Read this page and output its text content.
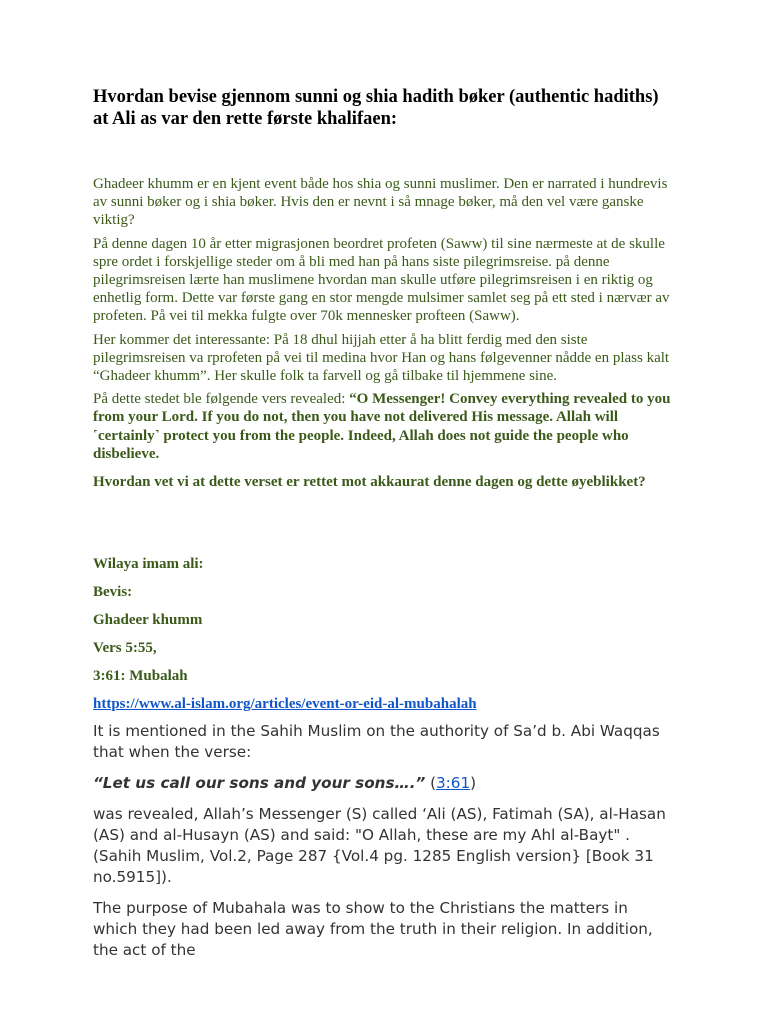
Hvordan bevise gjennom sunni og shia hadith bøker (authentic hadiths) at Ali as var den rette første khalifaen:

Ghadeer khumm er en kjent event både hos shia og sunni muslimer. Den er narrated i hundrevis av sunni bøker og i shia bøker. Hvis den er nevnt i så mnage bøker, må den vel være ganske viktig?

På denne dagen 10 år etter migrasjonen beordret profeten (Saww) til sine nærmeste at de skulle spre ordet i forskjellige steder om å bli med han på hans siste pilegrimsreise. på denne pilegrimsreisen lærte han muslimene hvordan man skulle utføre pilegrimsreisen i en riktig og enhetlig form. Dette var første gang en stor mengde mulsimer samlet seg på ett sted i nærvær av profeten. På vei til mekka fulgte over 70k mennesker profteen (Saww).

Her kommer det interessante: På 18 dhul hijjah etter å ha blitt ferdig med den siste pilegrimsreisen va rprofeten på vei til medina hvor Han og hans følgevenner nådde en plass kalt “Ghadeer khumm”. Her skulle folk ta farvell og gå tilbake til hjemmene sine.

På dette stedet ble følgende vers revealed: “O Messenger! Convey everything revealed to you from your Lord. If you do not, then you have not delivered His message. Allah will ˹certainly˺ protect you from the people. Indeed, Allah does not guide the people who disbelieve.

Hvordan vet vi at dette verset er rettet mot akkaurat denne dagen og dette øyeblikket?

Wilaya imam ali:

Bevis:

Ghadeer khumm

Vers 5:55,

3:61: Mubalah

https://www.al-islam.org/articles/event-or-eid-al-mubahalah

It is mentioned in the Sahih Muslim on the authority of Sa’d b. Abi Waqqas that when the verse:

“Let us call our sons and your sons….” (3:61)

was revealed, Allah’s Messenger (S) called ‘Ali (AS), Fatimah (SA), al-Hasan (AS) and al-Husayn (AS) and said: "O Allah, these are my Ahl al-Bayt" . (Sahih Muslim, Vol.2, Page 287 {Vol.4 pg. 1285 English version} [Book 31 no.5915]).

The purpose of Mubahala was to show to the Christians the matters in which they had been led away from the truth in their religion. In addition, the act of the
